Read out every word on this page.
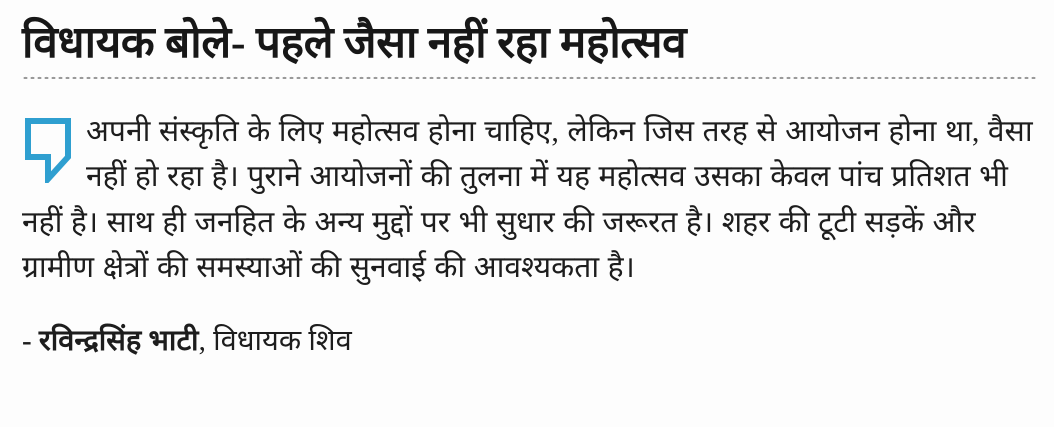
विधायक बोले- पहले जैसा नहीं रहा महोत्सव

अपनी संस्कृति के लिए महोत्सव होना चाहिए, लेकिन जिस तरह से आयोजन होना था, वैसा नहीं हो रहा है। पुराने आयोजनों की तुलना में यह महोत्सव उसका केवल पांच प्रतिशत भी नहीं है। साथ ही जनहित के अन्य मुद्दों पर भी सुधार की जरूरत है। शहर की टूटी सड़कें और ग्रामीण क्षेत्रों की समस्याओं की सुनवाई की आवश्यकता है।

- रविन्द्रसिंह भाटी, विधायक शिव
